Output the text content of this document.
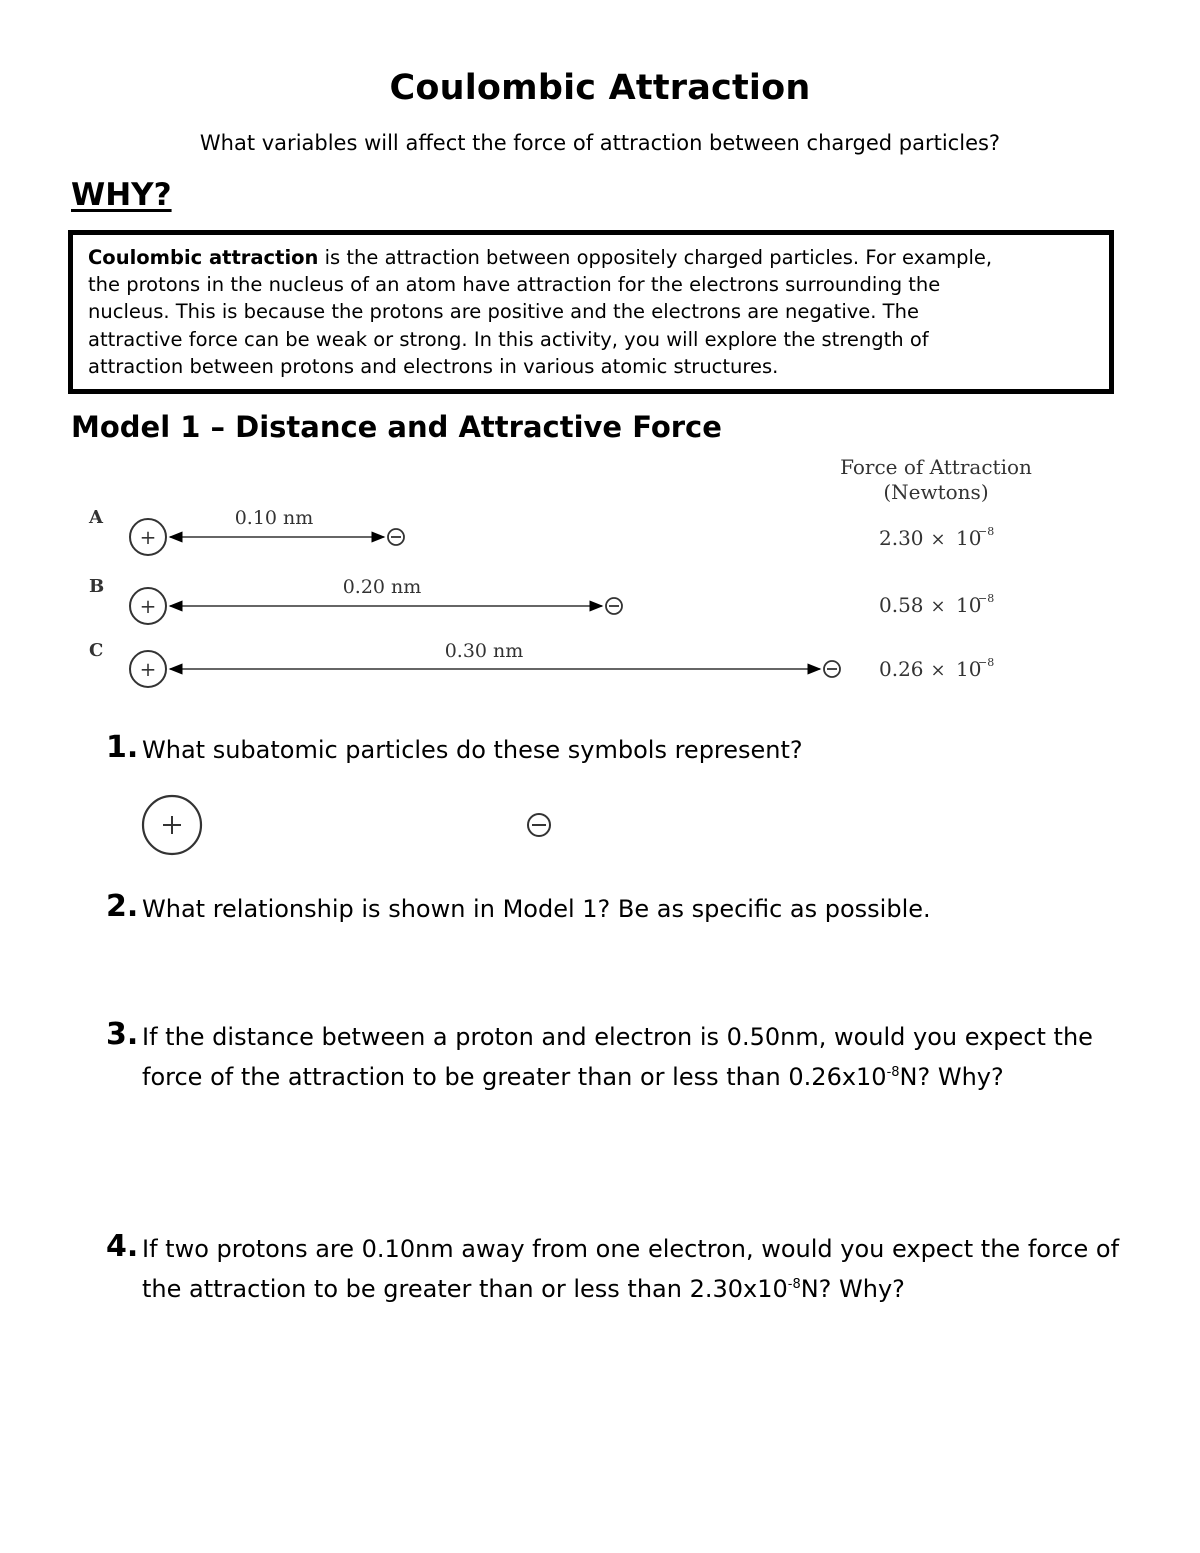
Coulombic Attraction
What variables will affect the force of attraction between charged particles?
WHY?
Coulombic attraction is the attraction between oppositely charged particles. For example,
the protons in the nucleus of an atom have attraction for the electrons surrounding the
nucleus. This is because the protons are positive and the electrons are negative. The
attractive force can be weak or strong. In this activity, you will explore the strength of
attraction between protons and electrons in various atomic structures.
Model 1 – Distance and Attractive Force
Force of Attraction
(Newtons)
A
+
0.10 nm
2.30 × 10
−8
B
+
0.20 nm
0.58 × 10
−8
C
+
0.30 nm
0.26 × 10
−8
1. What subatomic particles do these symbols represent?
2. What relationship is shown in Model 1? Be as specific as possible.
3. If the distance between a proton and electron is 0.50nm, would you expect the force of the attraction to be greater than or less than $0.26x10^{-8}N$? Why?
4. If two protons are 0.10nm away from one electron, would you expect the force of the attraction to be greater than or less than $2.30x10^{-8}N$? Why?
